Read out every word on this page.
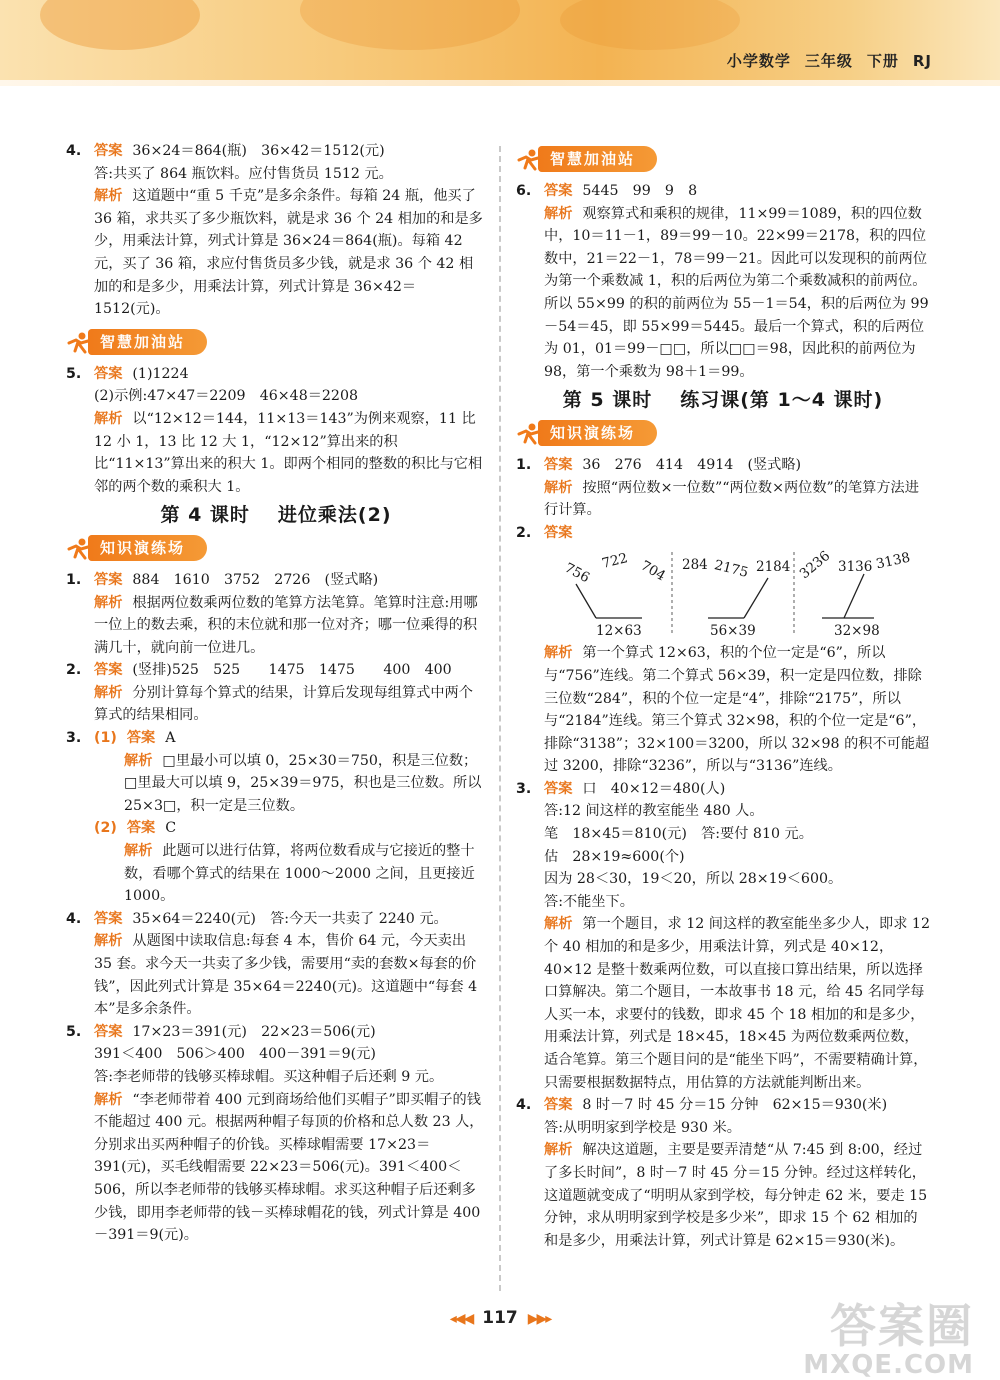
小学数学 三年级 下册 RJ
4. 答案 36×24＝864(瓶)　36×42＝1512(元)

答:共买了 864 瓶饮料。应付售货员 1512 元。

解析 这道题中“重 5 千克”是多余条件。每箱 24 瓶，他买了 36 箱，求共买了多少瓶饮料，就是求 36 个 24 相加的和是多少，用乘法计算，列式计算是 36×24＝864(瓶)。每箱 42 元，买了 36 箱，求应付售货员多少钱，就是求 36 个 42 相加的和是多少，用乘法计算，列式计算是 36×42＝1512(元)。

智慧加油站
5. 答案 (1)1224

(2)示例:47×47＝2209　46×48＝2208

解析 以“12×12＝144，11×13＝143”为例来观察，11 比 12 小 1，13 比 12 大 1，“12×12”算出来的积比“11×13”算出来的积大 1。即两个相同的整数的积比与它相邻的两个数的乘积大 1。

第 4 课时 进位乘法(2)
知识演练场
1. 答案 884　1610　3752　2726　(竖式略)

解析 根据两位数乘两位数的笔算方法笔算。笔算时注意:用哪一位上的数去乘，积的末位就和那一位对齐；哪一位乘得的积满几十，就向前一位进几。

2. 答案 (竖排)525　525　　1475　1475　　400　400

解析 分别计算每个算式的结果，计算后发现每组算式中两个算式的结果相同。

3. (1) 答案 A

解析 □里最小可以填 0，25×30＝750，积是三位数；□里最大可以填 9，25×39＝975，积也是三位数。所以 25×3□，积一定是三位数。

(2) 答案 C

解析 此题可以进行估算，将两位数看成与它接近的整十数，看哪个算式的结果在 1000～2000 之间，且更接近 1000。

4. 答案 35×64＝2240(元)　答:今天一共卖了 2240 元。

解析 从题图中读取信息:每套 4 本，售价 64 元，今天卖出 35 套。求今天一共卖了多少钱，需要用“卖的套数×每套的价钱”，因此列式计算是 35×64＝2240(元)。这道题中“每套 4 本”是多余条件。

5. 答案 17×23＝391(元)　22×23＝506(元)

391＜400　506＞400　400－391＝9(元)

答:李老师带的钱够买棒球帽。买这种帽子后还剩 9 元。

解析 “李老师带着 400 元到商场给他们买帽子”即买帽子的钱不能超过 400 元。根据两种帽子每顶的价格和总人数 23 人，分别求出买两种帽子的价钱。买棒球帽需要 17×23＝391(元)，买毛线帽需要 22×23＝506(元)。391＜400＜506，所以李老师带的钱够买棒球帽。求买这种帽子后还剩多少钱，即用李老师带的钱－买棒球帽花的钱，列式计算是 400－391＝9(元)。

智慧加油站
6. 答案 5445　99　9　8

解析 观察算式和乘积的规律，11×99＝1089，积的四位数中，10＝11－1，89＝99－10。22×99＝2178，积的四位数中，21＝22－1，78＝99－21。因此可以发现积的前两位为第一个乘数减 1，积的后两位为第二个乘数减积的前两位。所以 55×99 的积的前两位为 55－1＝54，积的后两位为 99－54＝45，即 55×99＝5445。最后一个算式，积的后两位为 01，01＝99－□□，所以□□＝98，因此积的前两位为 98，第一个乘数为 98＋1＝99。

第 5 课时 练习课(第 1～4 课时)
知识演练场
1. 答案 36　276　414　4914　(竖式略)

解析 按照“两位数×一位数”“两位数×两位数”的笔算方法进行计算。

2. 答案

756 722 704
12×63
284 2175 2184
56×39
3236 3136 3138
32×98

解析 第一个算式 12×63，积的个位一定是“6”，所以与“756”连线。第二个算式 56×39，积一定是四位数，排除三位数“284”，积的个位一定是“4”，排除“2175”，所以与“2184”连线。第三个算式 32×98，积的个位一定是“6”，排除“3138”；32×100＝3200，所以 32×98 的积不可能超过 3200，排除“3236”，所以与“3136”连线。

3. 答案 口　40×12＝480(人)

答:12 间这样的教室能坐 480 人。

笔　18×45＝810(元)　答:要付 810 元。

估　28×19≈600(个)

因为 28＜30，19＜20，所以 28×19＜600。

答:不能坐下。

解析 第一个题目，求 12 间这样的教室能坐多少人，即求 12 个 40 相加的和是多少，用乘法计算，列式是 40×12，40×12 是整十数乘两位数，可以直接口算出结果，所以选择口算解决。第二个题目，一本故事书 18 元，给 45 名同学每人买一本，求要付的钱数，即求 45 个 18 相加的和是多少，用乘法计算，列式是 18×45，18×45 为两位数乘两位数，适合笔算。第三个题目问的是“能坐下吗”，不需要精确计算，只需要根据数据特点，用估算的方法就能判断出来。

4. 答案 8 时－7 时 45 分＝15 分钟　62×15＝930(米)

答:从明明家到学校是 930 米。

解析 解决这道题，主要是要弄清楚“从 7:45 到 8:00，经过了多长时间”，8 时－7 时 45 分＝15 分钟。经过这样转化，这道题就变成了“明明从家到学校，每分钟走 62 米，要走 15 分钟，求从明明家到学校是多少米”，即求 15 个 62 相加的和是多少，用乘法计算，列式计算是 62×15＝930(米)。

◂◀◀ 117 ▶▶▸	答案圈
MXQE.COM
